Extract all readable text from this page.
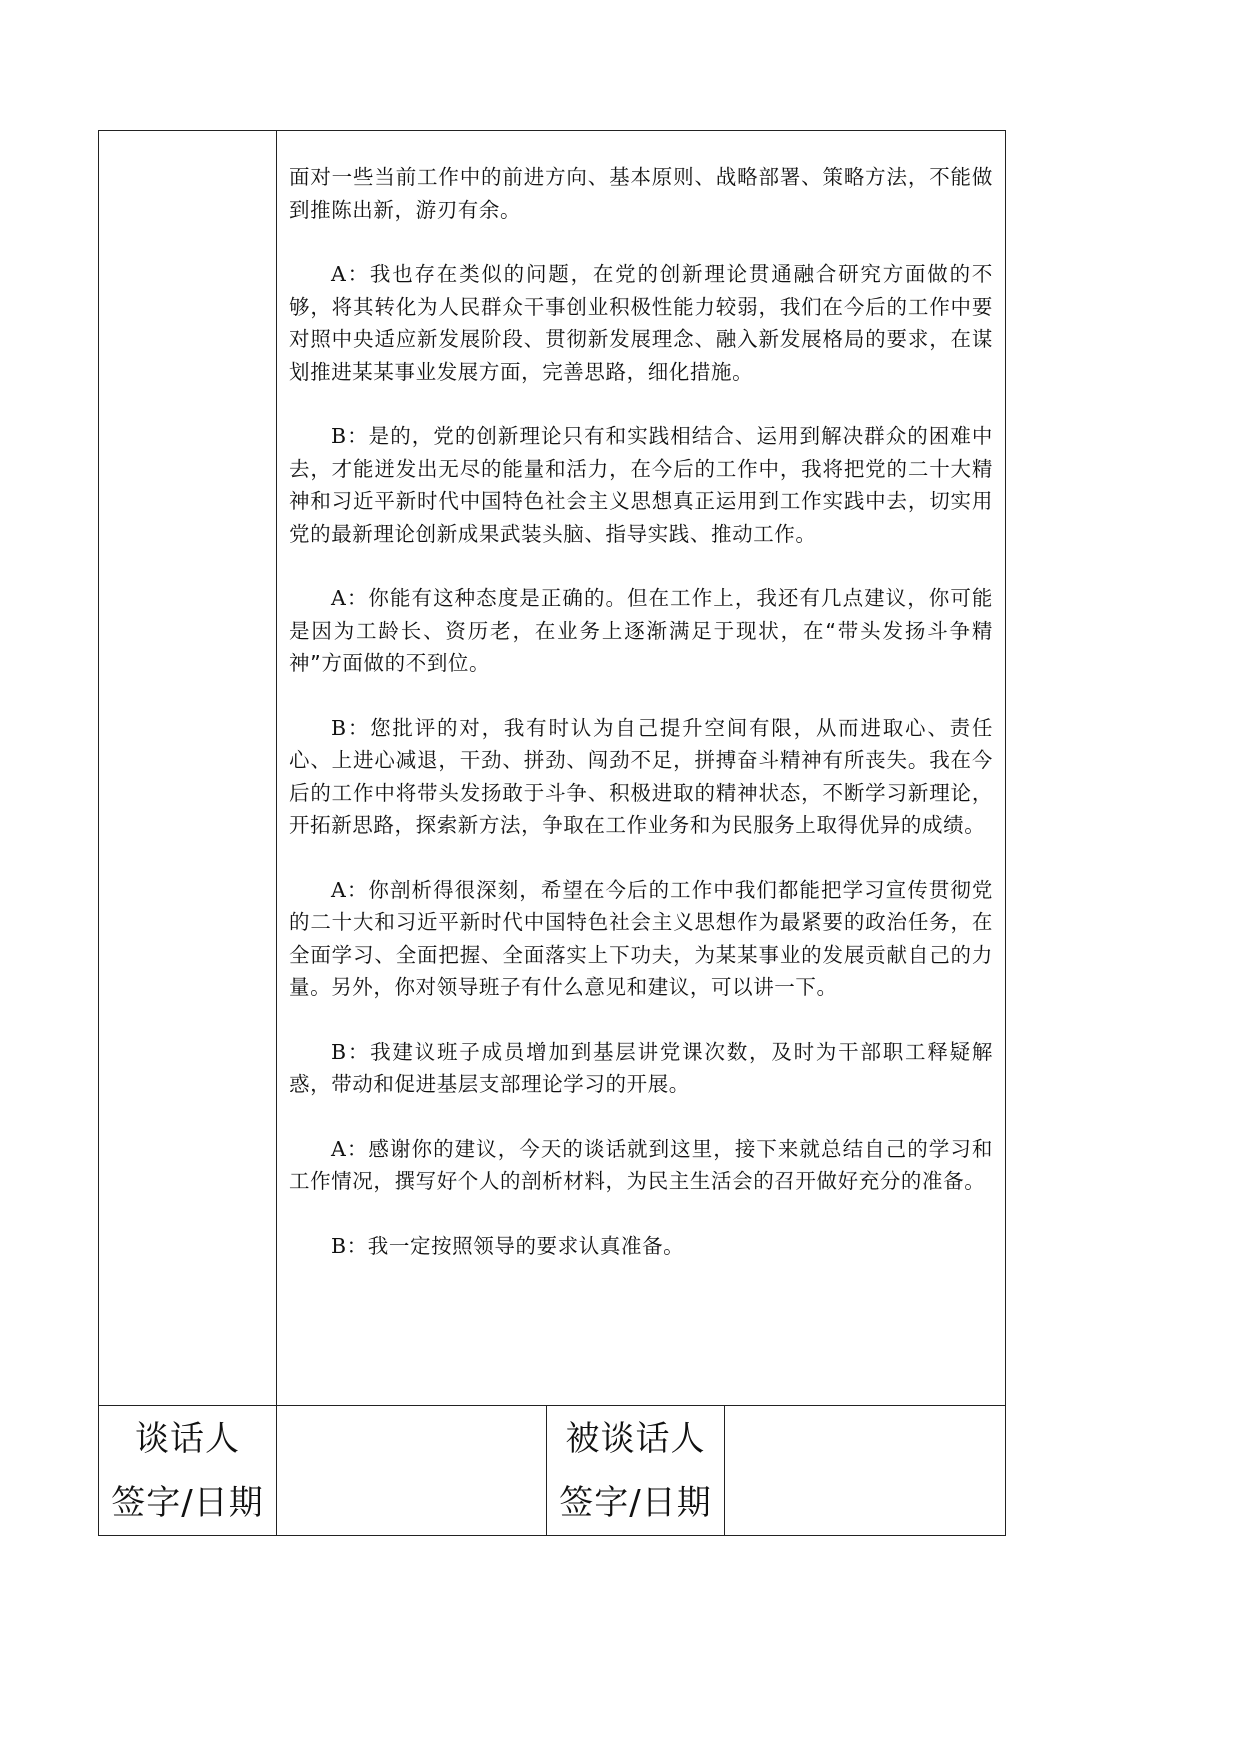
面对一些当前工作中的前进方向、基本原则、战略部署、策略方法，不能做到推陈出新，游刃有余。

A：我也存在类似的问题，在党的创新理论贯通融合研究方面做的不够，将其转化为人民群众干事创业积极性能力较弱，我们在今后的工作中要对照中央适应新发展阶段、贯彻新发展理念、融入新发展格局的要求，在谋划推进某某事业发展方面，完善思路，细化措施。

B：是的，党的创新理论只有和实践相结合、运用到解决群众的困难中去，才能迸发出无尽的能量和活力，在今后的工作中，我将把党的二十大精神和习近平新时代中国特色社会主义思想真正运用到工作实践中去，切实用党的最新理论创新成果武装头脑、指导实践、推动工作。

A：你能有这种态度是正确的。但在工作上，我还有几点建议，你可能是因为工龄长、资历老，在业务上逐渐满足于现状，在“带头发扬斗争精神”方面做的不到位。

B：您批评的对，我有时认为自己提升空间有限，从而进取心、责任心、上进心减退，干劲、拼劲、闯劲不足，拼搏奋斗精神有所丧失。我在今后的工作中将带头发扬敢于斗争、积极进取的精神状态，不断学习新理论，开拓新思路，探索新方法，争取在工作业务和为民服务上取得优异的成绩。

A：你剖析得很深刻，希望在今后的工作中我们都能把学习宣传贯彻党的二十大和习近平新时代中国特色社会主义思想作为最紧要的政治任务，在全面学习、全面把握、全面落实上下功夫，为某某事业的发展贡献自己的力量。另外，你对领导班子有什么意见和建议，可以讲一下。

B：我建议班子成员增加到基层讲党课次数，及时为干部职工释疑解惑，带动和促进基层支部理论学习的开展。

A：感谢你的建议，今天的谈话就到这里，接下来就总结自己的学习和工作情况，撰写好个人的剖析材料，为民主生活会的召开做好充分的准备。

B：我一定按照领导的要求认真准备。

谈话人
签字/日期
被谈话人
签字/日期
